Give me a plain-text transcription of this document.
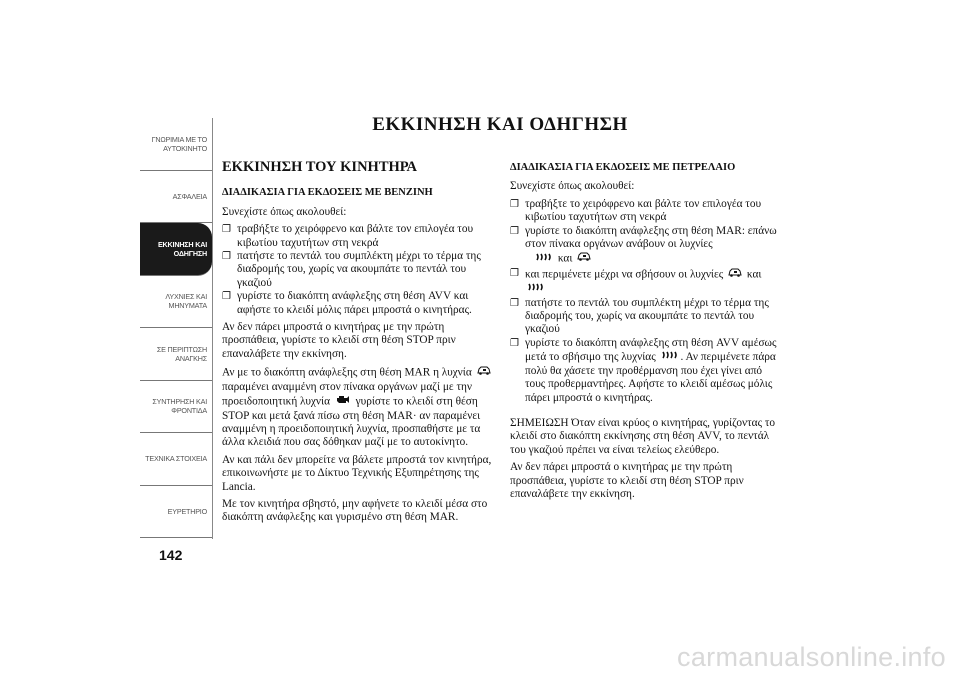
ΓΝΩΡΙΜΙΑ ΜΕ ΤΟ
ΑΥΤΟΚΙΝΗΤΟ
ΑΣΦΑΛΕΙΑ
ΕΚΚΙΝΗΣΗ ΚΑΙ
ΟΔΗΓΗΣΗ
ΛΥΧΝΙΕΣ ΚΑΙ
ΜΗΝΥΜΑΤΑ
ΣΕ ΠΕΡΙΠΤΩΣΗ
ΑΝΑΓΚΗΣ
ΣΥΝΤΗΡΗΣΗ ΚΑΙ
ΦΡΟΝΤΙΔΑ
ΤΕΧΝΙΚΑ ΣΤΟΙΧΕΙΑ
ΕΥΡΕΤΗΡΙΟ
142
ΕΚΚΙΝΗΣΗ ΚΑΙ ΟΔΗΓΗΣΗ
ΕΚΚΙΝΗΣΗ ΤΟΥ ΚΙΝΗΤΗΡΑ
ΔΙΑΔΙΚΑΣΙΑ ΓΙΑ ΕΚΔΟΣΕΙΣ ΜΕ ΒΕΝΖΙΝΗ

Συνεχίστε όπως ακολουθεί:

❐ τραβήξτε το χειρόφρενο και βάλτε τον επιλογέα του κιβωτίου ταχυτήτων στη νεκρά

❐ πατήστε το πεντάλ του συμπλέκτη μέχρι το τέρμα της διαδρομής του, χωρίς να ακουμπάτε το πεντάλ του γκαζιού

❐ γυρίστε το διακόπτη ανάφλεξης στη θέση AVV και αφήστε το κλειδί μόλις πάρει μπροστά ο κινητήρας.

Αν δεν πάρει μπροστά ο κινητήρας με την πρώτη προσπάθεια, γυρίστε το κλειδί στη θέση STOP πριν επαναλάβετε την εκκίνηση.

Αν με το διακόπτη ανάφλεξης στη θέση MAR η λυχνία  παραμένει αναμμένη στον πίνακα οργάνων μαζί με την προειδοποιητική λυχνία γυρίστε το κλειδί στη θέση STOP και μετά ξανά πίσω στη θέση MAR· αν παραμένει αναμμένη η προειδοποιητική λυχνία, προσπαθήστε με τα άλλα κλειδιά που σας δόθηκαν μαζί με το αυτοκίνητο.

Αν και πάλι δεν μπορείτε να βάλετε μπροστά τον κινητήρα, επικοινωνήστε με το Δίκτυο Τεχνικής Εξυπηρέτησης της Lancia.

Με τον κινητήρα σβηστό, μην αφήνετε το κλειδί μέσα στο διακόπτη ανάφλεξης και γυρισμένο στη θέση MAR.

ΔΙΑΔΙΚΑΣΙΑ ΓΙΑ ΕΚΔΟΣΕΙΣ ΜΕ ΠΕΤΡΕΛΑΙΟ

Συνεχίστε όπως ακολουθεί:

❐ τραβήξτε το χειρόφρενο και βάλτε τον επιλογέα του κιβωτίου ταχυτήτων στη νεκρά

❐ γυρίστε το διακόπτη ανάφλεξης στη θέση MAR: επάνω στον πίνακα οργάνων ανάβουν οι λυχνίες
και

❐ και περιμένετε μέχρι να σβήσουν οι λυχνίες και

❐ πατήστε το πεντάλ του συμπλέκτη μέχρι το τέρμα της διαδρομής του, χωρίς να ακουμπάτε το πεντάλ του γκαζιού

❐ γυρίστε το διακόπτη ανάφλεξης στη θέση AVV αμέσως μετά το σβήσιμο της λυχνίας . Αν περιμένετε πάρα πολύ θα χάσετε την προθέρμανση που έχει γίνει από τους προθερμαντήρες. Αφήστε το κλειδί αμέσως μόλις πάρει μπροστά ο κινητήρας.

ΣΗΜΕΙΩΣΗ Όταν είναι κρύος ο κινητήρας, γυρίζοντας το κλειδί στο διακόπτη εκκίνησης στη θέση AVV, το πεντάλ του γκαζιού πρέπει να είναι τελείως ελεύθερο.

Αν δεν πάρει μπροστά ο κινητήρας με την πρώτη προσπάθεια, γυρίστε το κλειδί στη θέση STOP πριν επαναλάβετε την εκκίνηση.

carmanualsonline.info
